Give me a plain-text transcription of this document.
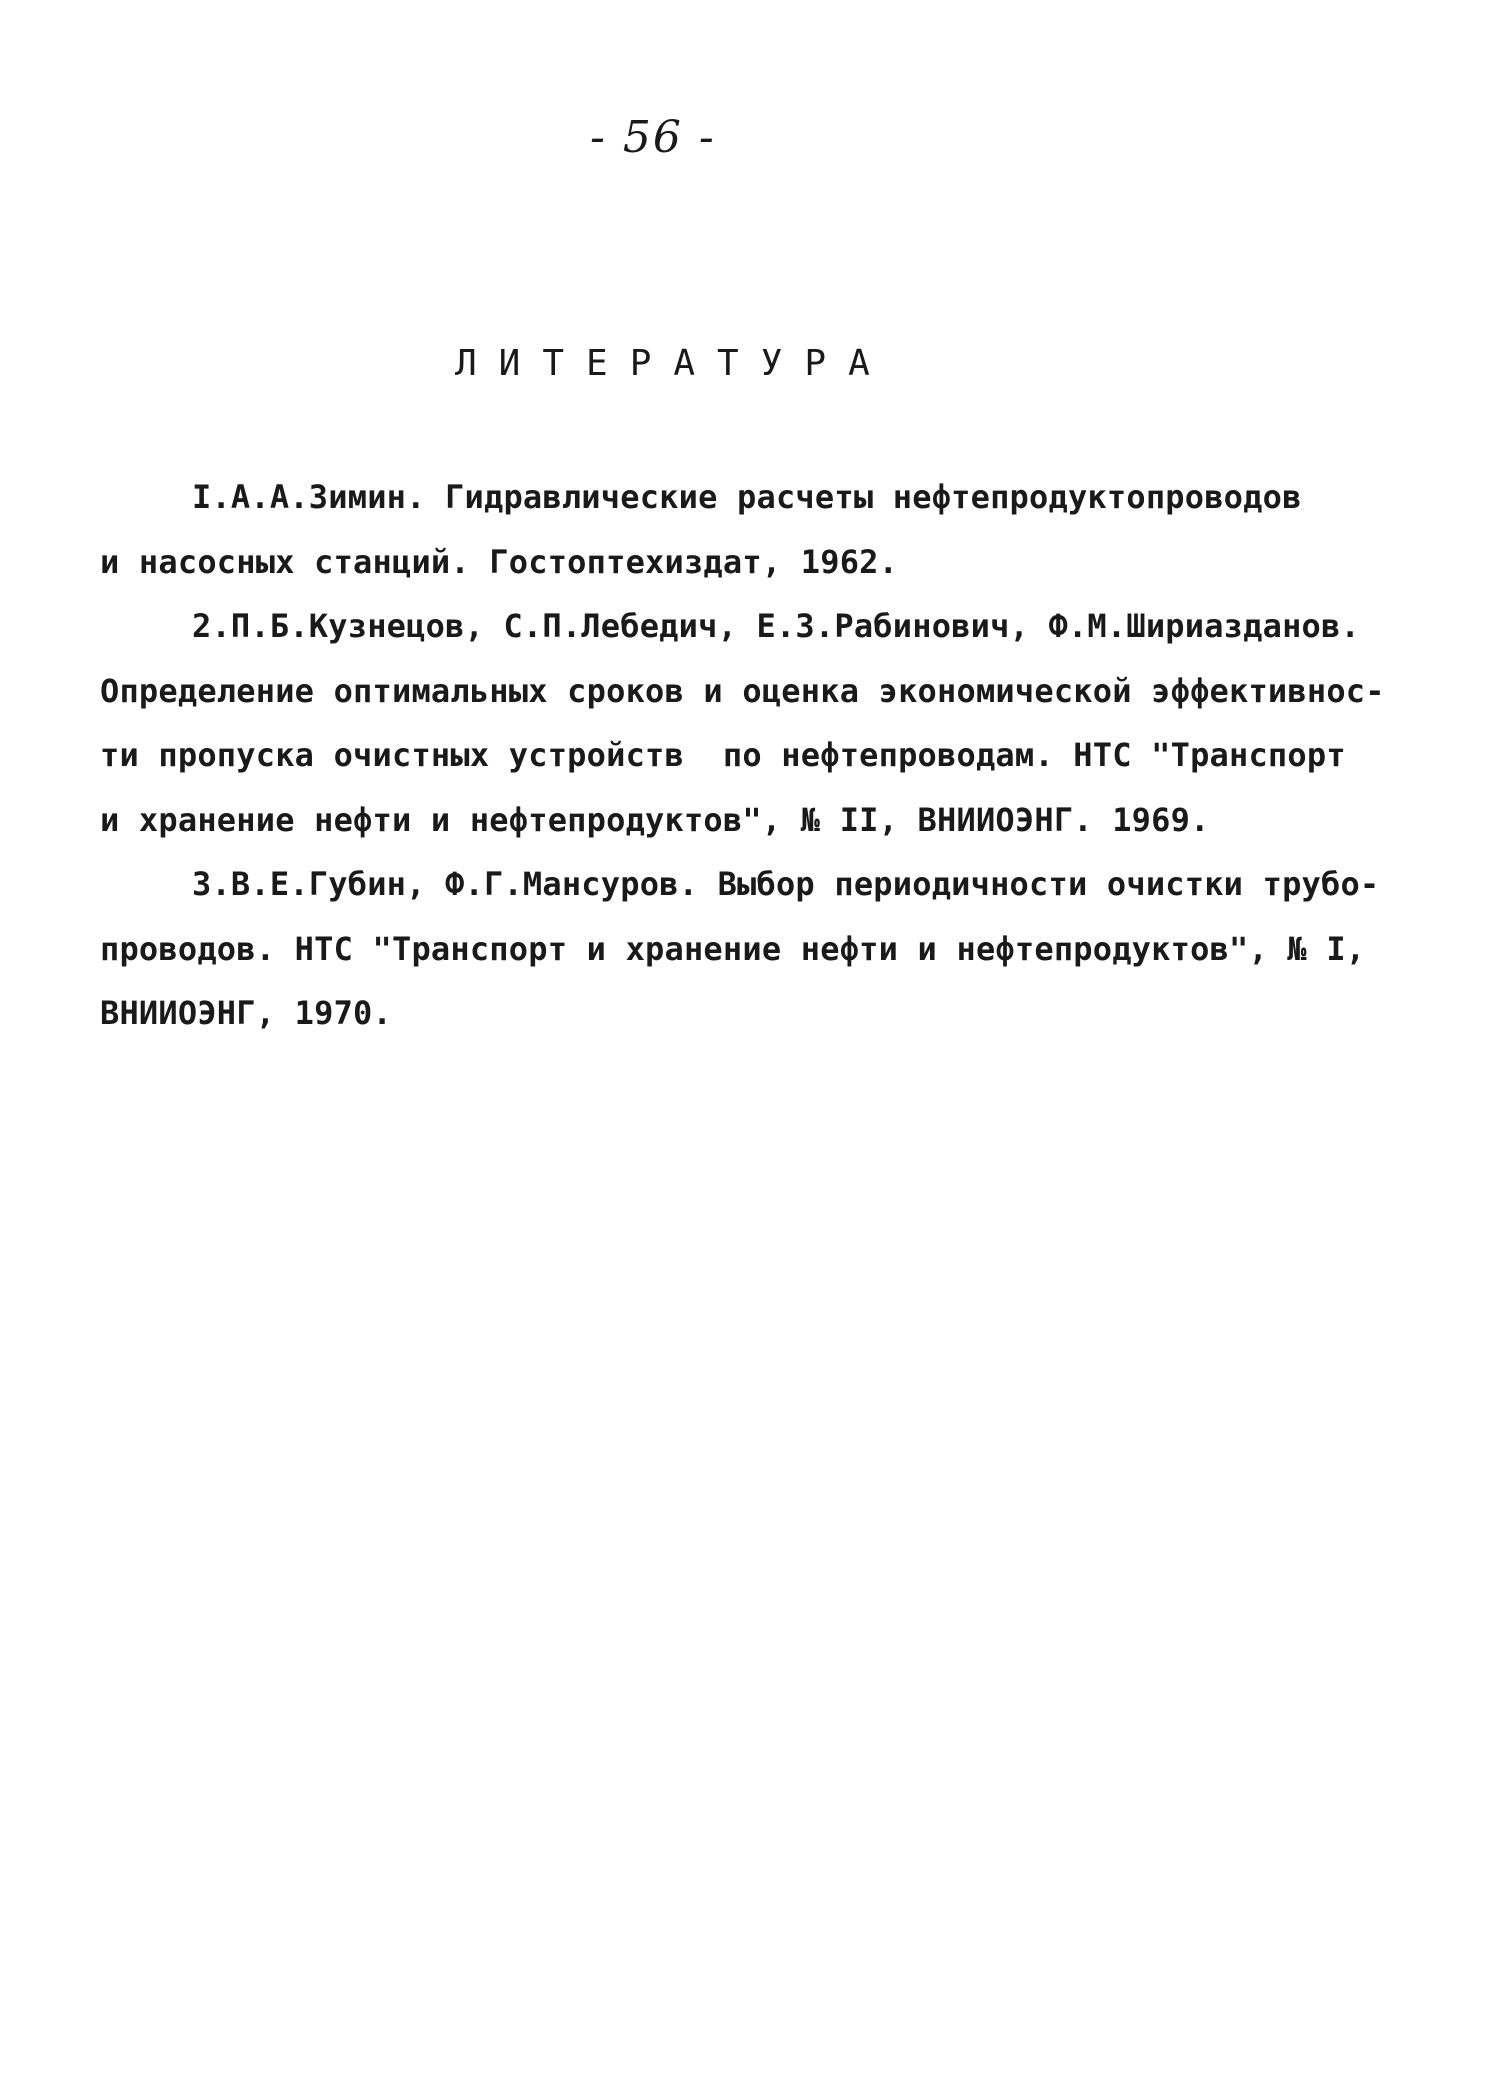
- 56 -
ЛИТЕРАТУРА
I.А.А.Зимин. Гидравлические расчеты нефтепродуктопроводов
и насосных станций. Гостоптехиздат, 1962.
2.П.Б.Кузнецов, С.П.Лебедич, Е.З.Рабинович, Ф.М.Шириазданов.
Определение оптимальных сроков и оценка экономической эффективнос-
ти пропуска очистных устройств  по нефтепроводам. НТС "Транспорт
и хранение нефти и нефтепродуктов", № II, ВНИИОЭНГ. 1969.
3.В.Е.Губин, Ф.Г.Мансуров. Выбор периодичности очистки трубо-
проводов. НТС "Транспорт и хранение нефти и нефтепродуктов", № I,
ВНИИОЭНГ, 1970.
